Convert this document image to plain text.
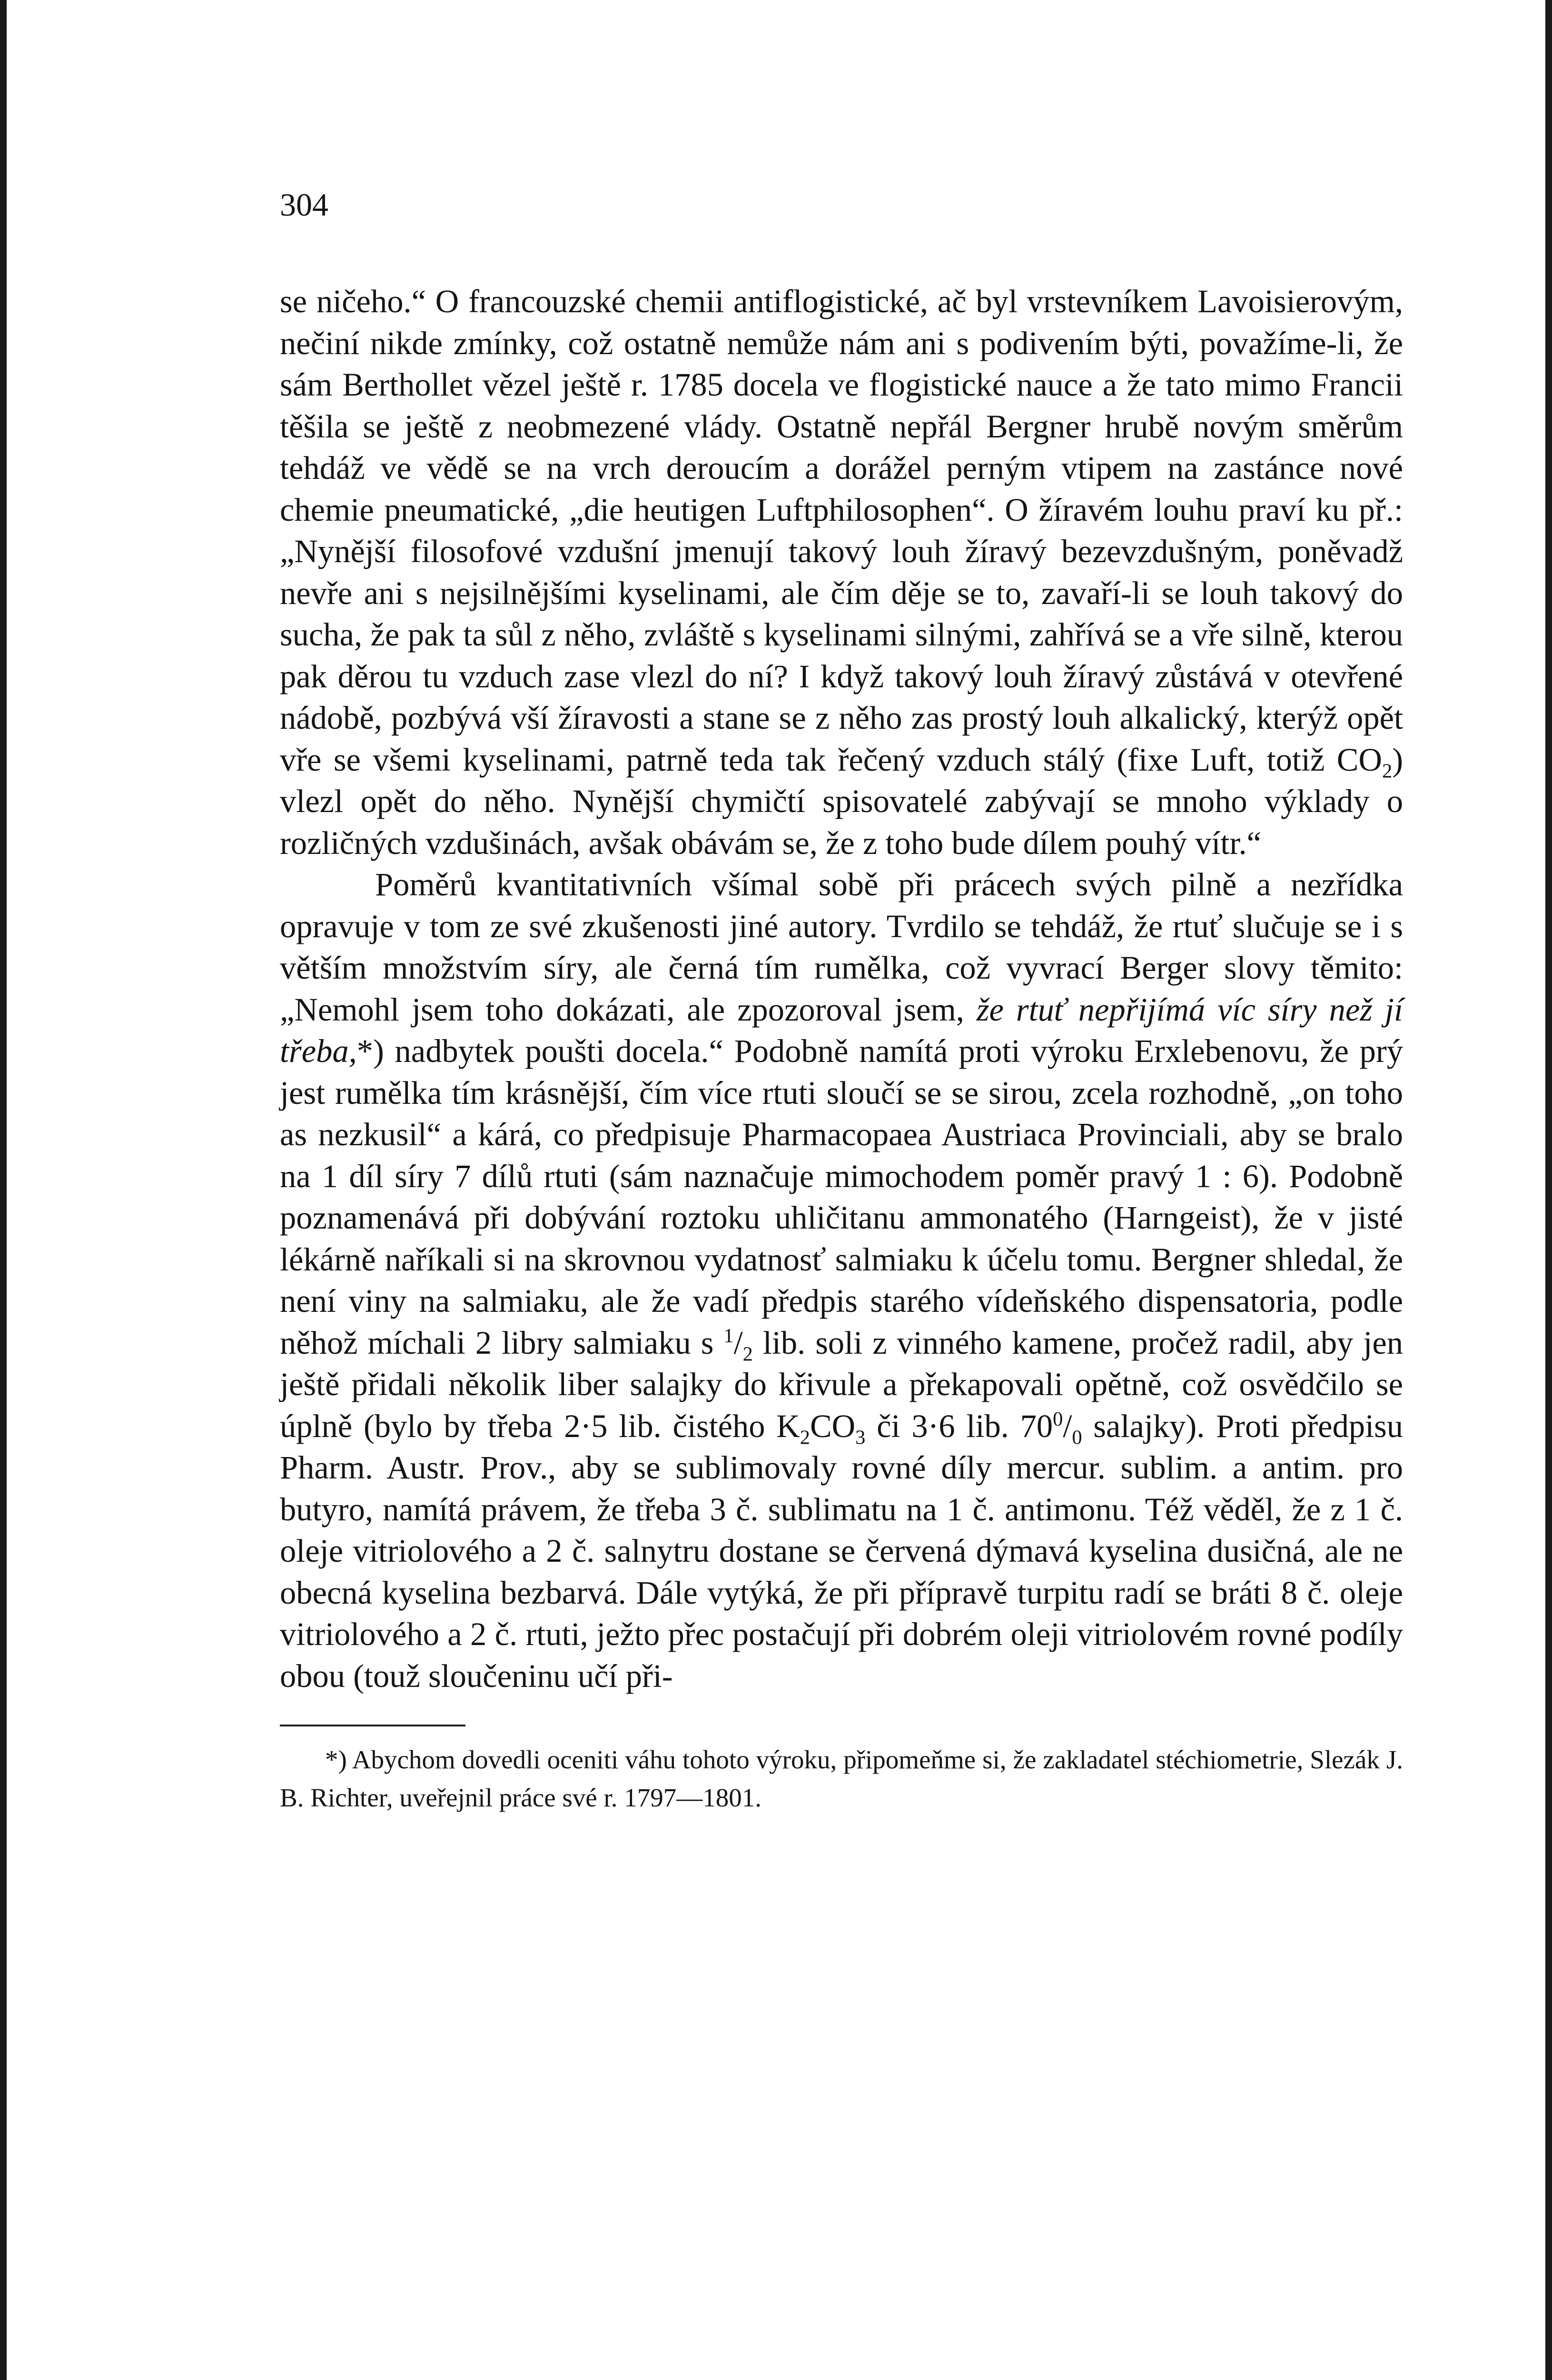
304

se ničeho.“ O francouzské chemii antiflogistické, ač byl vrstevníkem Lavoisierovým, nečiní nikde zmínky, což ostatně nemůže nám ani s podivením býti, považíme-li, že sám Berthollet vězel ještě r. 1785 docela ve flogistické nauce a že tato mimo Francii těšila se ještě z neobmezené vlády. Ostatně nepřál Bergner hrubě novým směrům tehdáž ve vědě se na vrch deroucím a dorážel perným vtipem na zastánce nové chemie pneumatické, „die heutigen Luftphilosophen“. O žíravém louhu praví ku př.: „Nynější filosofové vzdušní jmenují takový louh žíravý bezevzdušným, poněvadž nevře ani s nejsilnějšími kyselinami, ale čím děje se to, zavaří-li se louh takový do sucha, že pak ta sůl z něho, zvláště s kyselinami silnými, zahřívá se a vře silně, kterou pak děrou tu vzduch zase vlezl do ní? I když takový louh žíravý zůstává v otevřené nádobě, pozbývá vší žíravosti a stane se z něho zas prostý louh alkalický, kterýž opět vře se všemi kyselinami, patrně teda tak řečený vzduch stálý (fixe Luft, totiž $CO_2$) vlezl opět do něho. Nynější chymičtí spisovatelé zabývají se mnoho výklady o rozličných vzdušinách, avšak obávám se, že z toho bude dílem pouhý vítr.“

Poměrů kvantitativních všímal sobě při prácech svých pilně a nezřídka opravuje v tom ze své zkušenosti jiné autory. Tvrdilo se tehdáž, že rtuť slučuje se i s větším množstvím síry, ale černá tím rumělka, což vyvrací Berger slovy těmito: „Nemohl jsem toho dokázati, ale zpozoroval jsem, že rtuť nepřijímá víc síry než jí třeba,*) nadbytek poušti docela.“ Podobně namítá proti výroku Erxlebenovu, že prý jest rumělka tím krásnější, čím více rtuti sloučí se se sirou, zcela rozhodně, „on toho as nezkusil“ a kárá, co předpisuje Pharmacopaea Austriaca Provinciali, aby se bralo na 1 díl síry 7 dílů rtuti (sám naznačuje mimochodem poměr pravý 1 : 6). Podobně poznamenává při dobývání roztoku uhličitanu ammonatého (Harngeist), že v jisté lékárně naříkali si na skrovnou vydatnosť salmiaku k účelu tomu. Bergner shledal, že není viny na salmiaku, ale že vadí předpis starého vídeňského dispensatoria, podle něhož míchali 2 libry salmiaku s $^1/_2$ lib. soli z vinného kamene, pročež radil, aby jen ještě přidali několik liber salajky do křivule a překapovali opětně, což osvědčilo se úplně (bylo by třeba 2·5 lib. čistého $K_2CO_3$ či 3·6 lib. $70^0/_0$ salajky). Proti předpisu Pharm. Austr. Prov., aby se sublimovaly rovné díly mercur. sublim. a antim. pro butyro, namítá právem, že třeba 3 č. sublimatu na 1 č. antimonu. Též věděl, že z 1 č. oleje vitriolového a 2 č. salnytru dostane se červená dýmavá kyselina dusičná, ale ne obecná kyselina bezbarvá. Dále vytýká, že při přípravě turpitu radí se bráti 8 č. oleje vitriolového a 2 č. rtuti, ježto přec postačují při dobrém oleji vitriolovém rovné podíly obou (touž sloučeninu učí při-

*) Abychom dovedli oceniti váhu tohoto výroku, připomeňme si, že zakladatel stéchiometrie, Slezák J. B. Richter, uveřejnil práce své r. 1797—1801.
